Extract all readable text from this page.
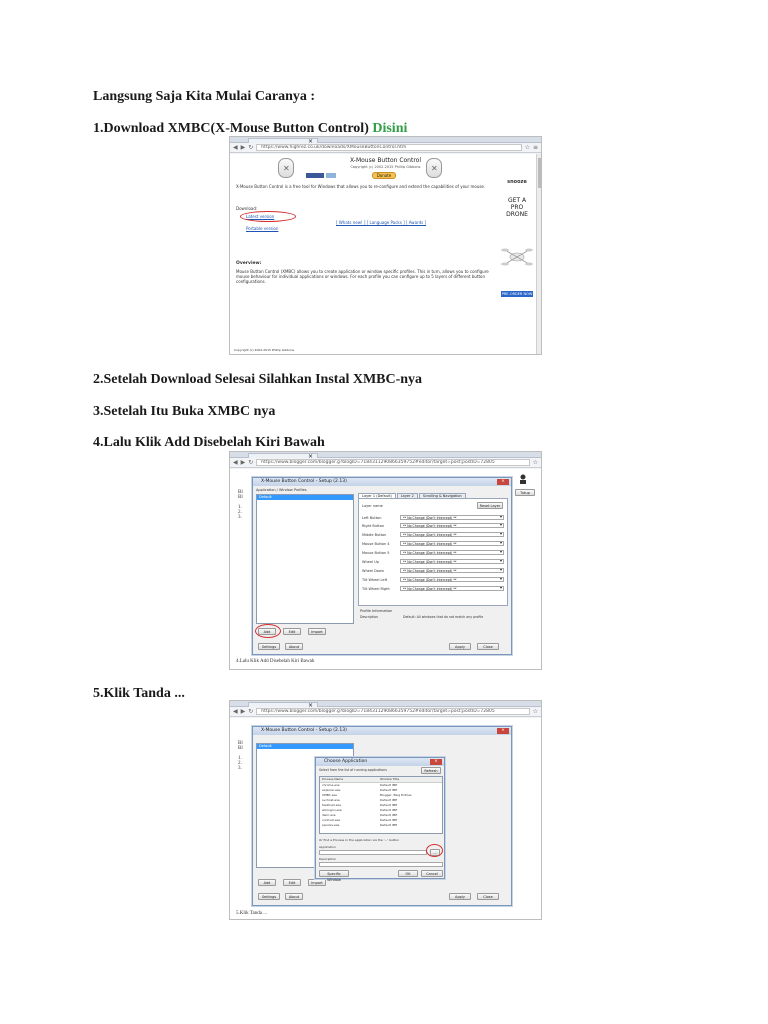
Langsung Saja Kita Mulai Caranya :
1.Download XMBC(X-Mouse Button Control) Disini
×
◀ ▶ ↻	https://www.highrez.co.uk/downloads/XMouseButtonControl.htm	☆ ≡
✕	✕
X-Mouse Button Control
Copyright (c) 2002-2015 Phillip Gibbons
Donate
X-Mouse Button Control is a free tool for Windows that allows you to re-configure and extend the capabilities of your mouse.
Download:
Latest version
Portable version
[ Whats new! ] [ Language Packs ] [ Awards ]
Overview:
Mouse Button Control (XMBC) allows you to create application or window specific profiles. This in turn, allows you to configure mouse behaviour for individual applications or windows. For each profile you can configure up to 5 layers of different button configurations.
snooze
GET A
PRO
DRONE
PRE-ORDER NOW
Copyright (c) 2002-2015 Phillip Gibbons
2.Setelah Download Selesai Silahkan Instal XMBC-nya
3.Setelah Itu Buka XMBC nya
4.Lalu Klik Add Disebelah Kiri Bawah
×
◀ ▶ ↻	https://www.blogger.com/blogger.g?blogID=7184311290866359752#editor/target=post;postID=72805	☆
Bl
Bl

1.
2.
3.
Tutup
X-Mouse Button Control - Setup (2.13)	×
Application / Window Profiles
Default	Layer 1 (Default)	Layer 2	Scrolling & Navigation
Layer name	Reset Layer
Left Button	** No Change (Don't Intercept) ** ▾
Right Button	** No Change (Don't Intercept) ** ▾
Middle Button	** No Change (Don't Intercept) ** ▾
Mouse Button 4	** No Change (Don't Intercept) ** ▾
Mouse Button 5	** No Change (Don't Intercept) ** ▾
Wheel Up	** No Change (Don't Intercept) ** ▾
Wheel Down	** No Change (Don't Intercept) ** ▾
Tilt Wheel Left	** No Change (Don't Intercept) ** ▾
Tilt Wheel Right	** No Change (Don't Intercept) ** ▾
Profile Information
Description	Default: All windows that do not match any profile
Add	Edit	Import
Settings	About	Apply	Close
4.Lalu Klik Add Disebelah Kiri Bawah
5.Klik Tanda ...
×
◀ ▶ ↻	https://www.blogger.com/blogger.g?blogID=7184311290866359752#editor/target=post;postID=72805	☆
Bl
Bl

1.
2.
3.
X-Mouse Button Control - Setup (2.13)	×
Default
Add	Edit	Import
Settings	About	Apply	Close
Choose Application	×
Select from the list of running applications	Refresh
Process Name	Window Title
chrome.exe	Default IME
explorer.exe	Default IME
XMBC.exe	Blogger: Blog Entries
svchost.exe	Default IME
taskhost.exe	Default IME
winlogon.exe	Default IME
dwm.exe	Default IME
conhost.exe	Default IME
spoolsv.exe	Default IME
Or find a Process in the application via the '...' button
Application
...
Description
Specific Window
OK	Cancel
5.Klik Tanda ...
